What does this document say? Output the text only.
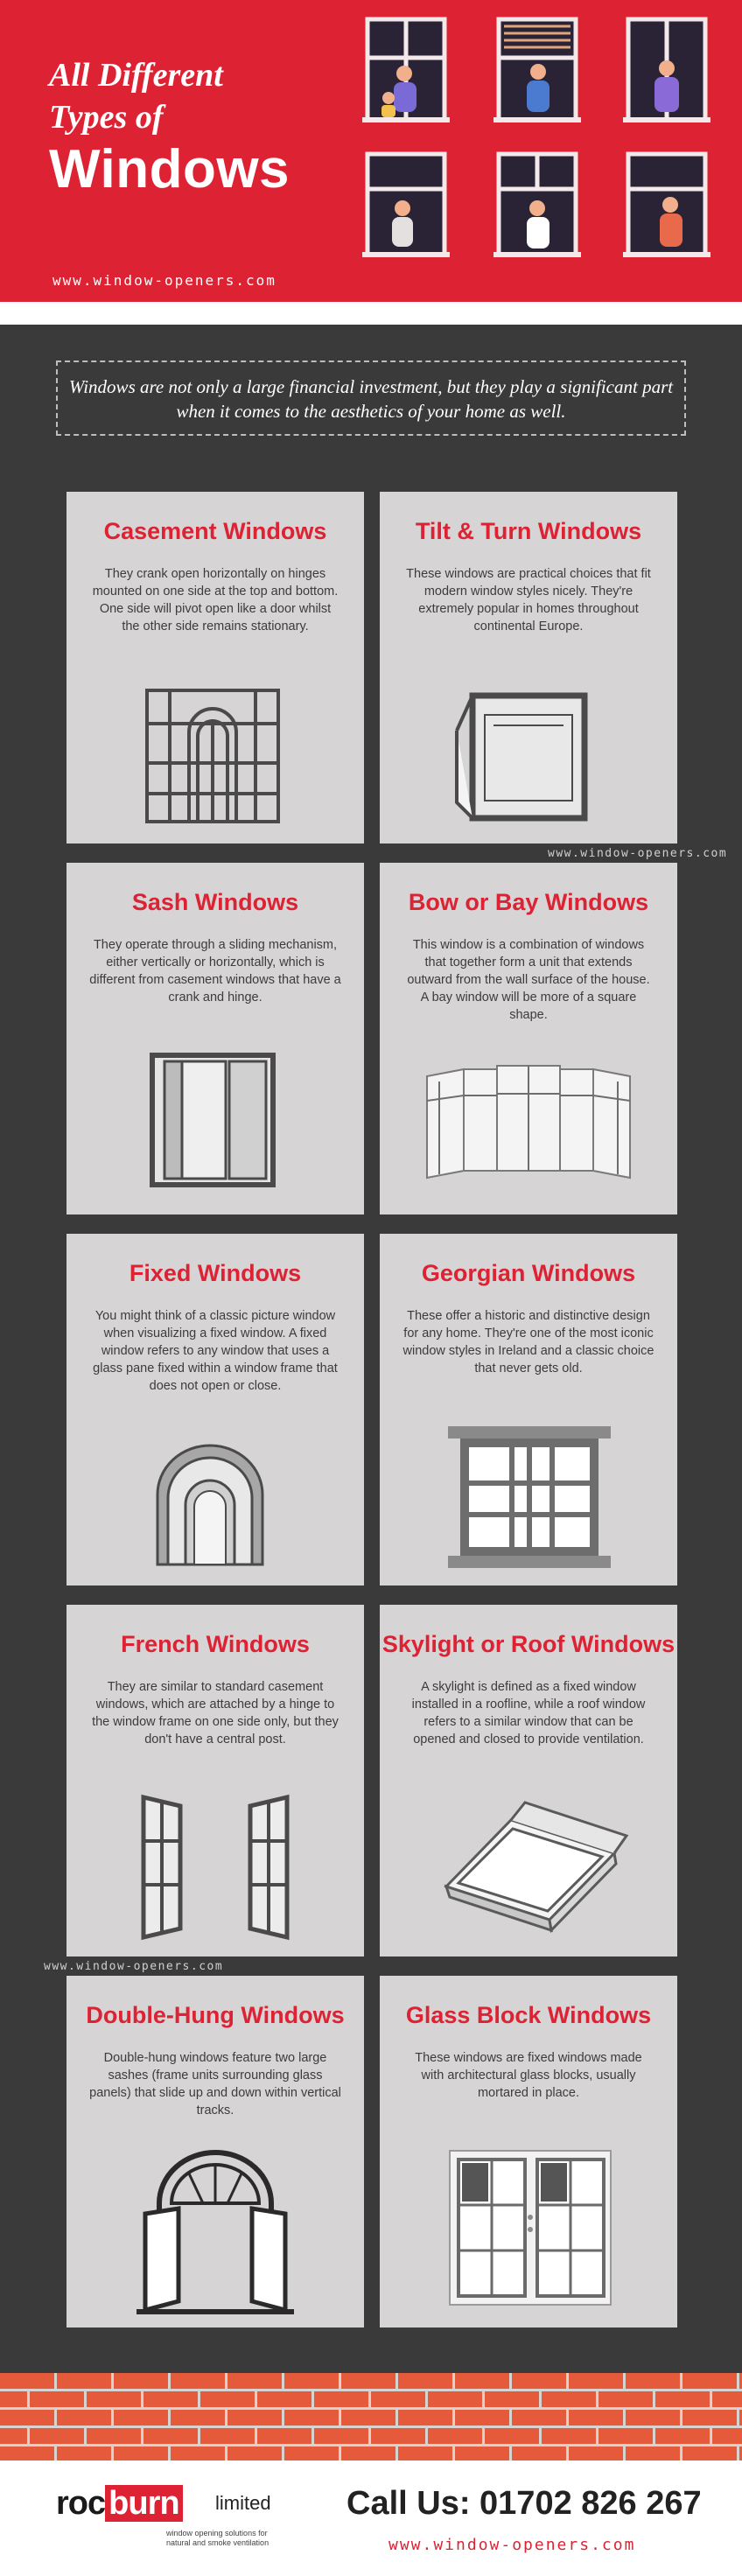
All Different
Types of
Windows
www.window-openers.com
Windows are not only a large financial investment, but they play a significant part when it comes to the aesthetics of your home as well.
Casement Windows

They crank open horizontally on hinges mounted on one side at the top and bottom. One side will pivot open like a door whilst the other side remains stationary.

Tilt & Turn Windows

These windows are practical choices that fit modern window styles nicely. They're extremely popular in homes throughout continental Europe.

www.window-openers.com
Sash Windows

They operate through a sliding mechanism, either vertically or horizontally, which is different from casement windows that have a crank and hinge.

Bow or Bay Windows

This window is a combination of windows that together form a unit that extends outward from the wall surface of the house. A bay window will be more of a square shape.

Fixed Windows

You might think of a classic picture window when visualizing a fixed window. A fixed window refers to any window that uses a glass pane fixed within a window frame that does not open or close.

Georgian Windows

These offer a historic and distinctive design for any home. They're one of the most iconic window styles in Ireland and a classic choice that never gets old.

French Windows

They are similar to standard casement windows, which are attached by a hinge to the window frame on one side only, but they don't have a central post.

Skylight or Roof Windows

A skylight is defined as a fixed window installed in a roofline, while a roof window refers to a similar window that can be opened and closed to provide ventilation.

www.window-openers.com
Double-Hung Windows

Double-hung windows feature two large sashes (frame units surrounding glass panels) that slide up and down within vertical tracks.

Glass Block Windows

These windows are fixed windows made with architectural glass blocks, usually mortared in place.

roc burn limited
window opening solutions for natural and smoke ventilation
Call Us: 01702 826 267
www.window-openers.com
